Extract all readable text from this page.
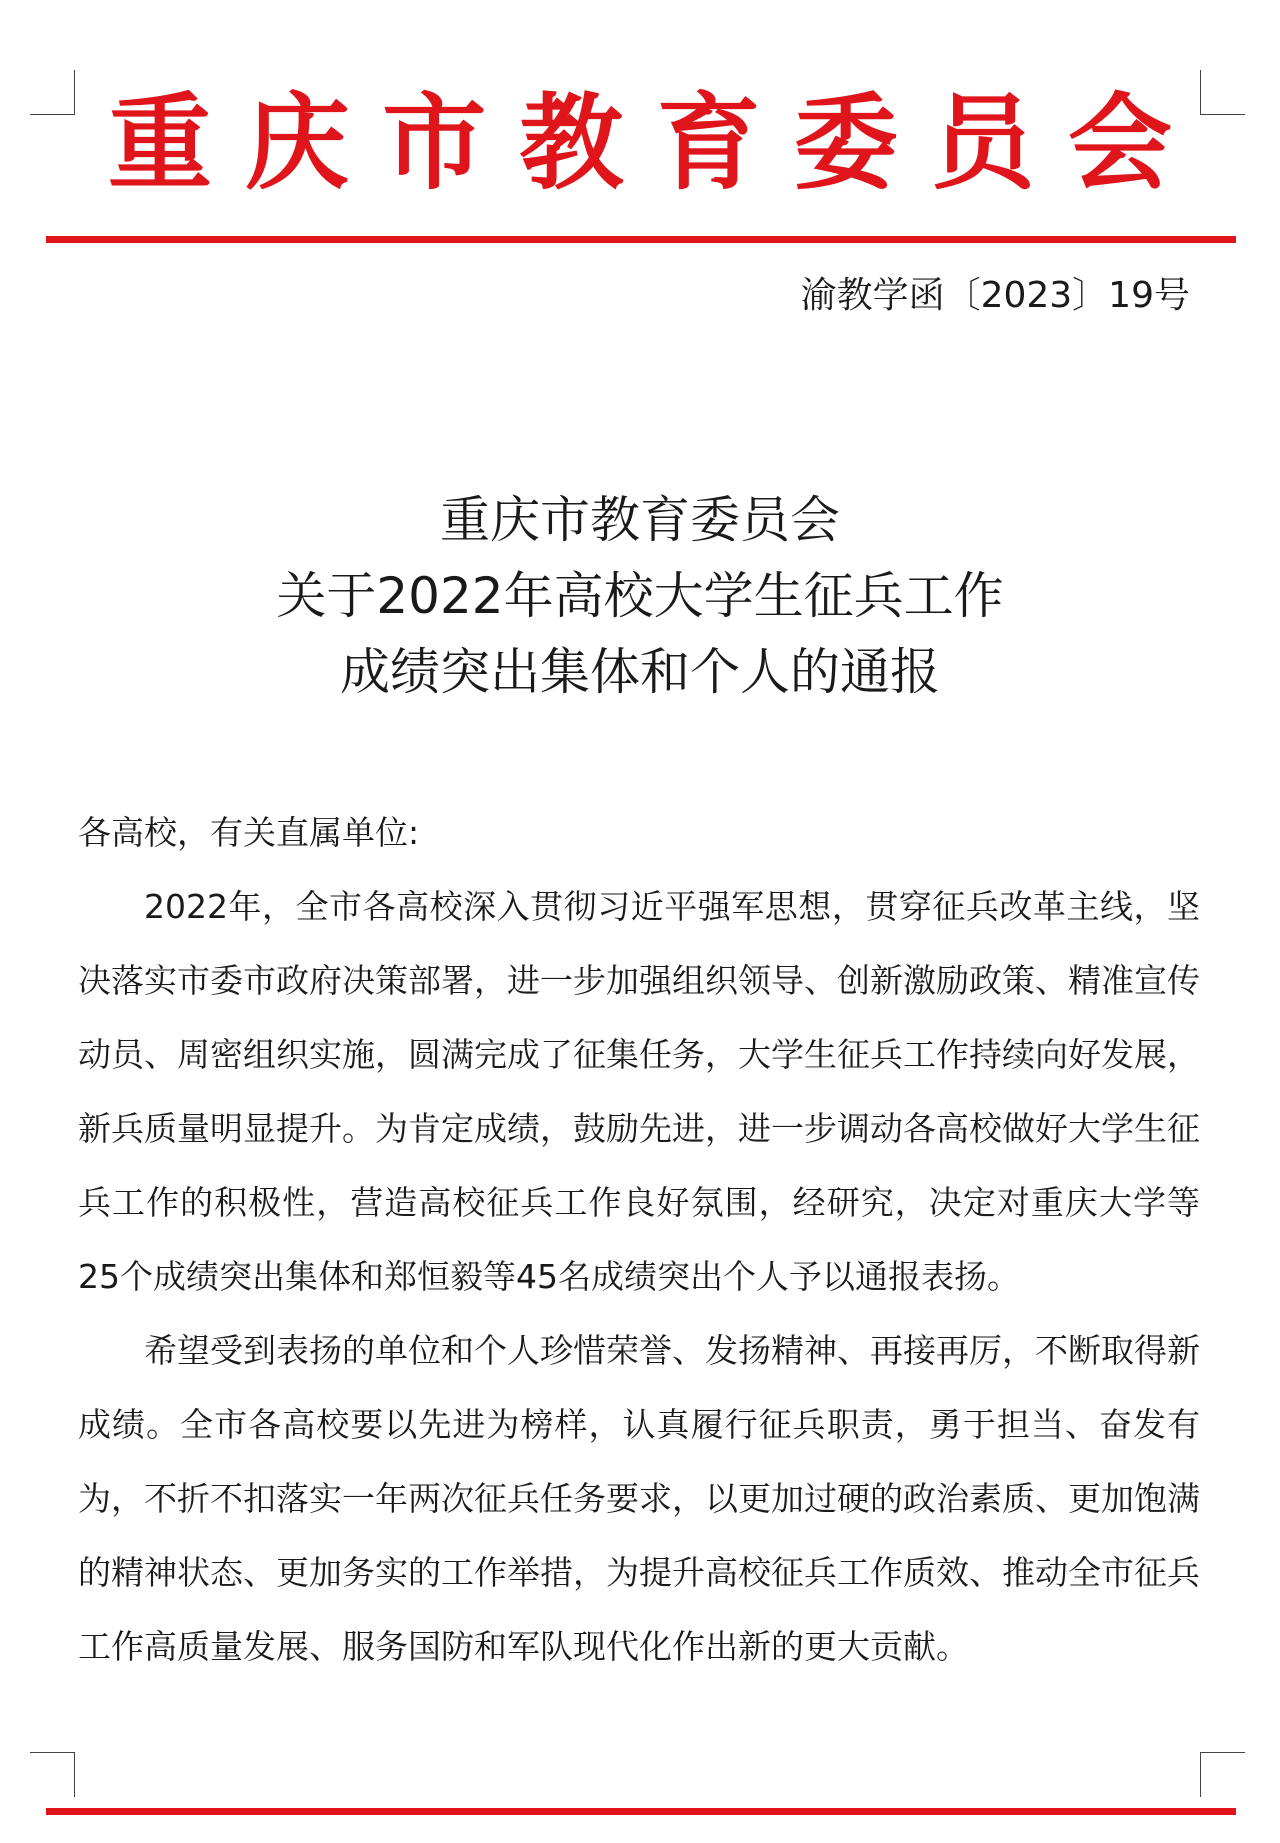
重 庆 市 教 育 委 员 会
渝教学函〔2023〕19号
重庆市教育委员会
关于2022年高校大学生征兵工作
成绩突出集体和个人的通报
各高校，有关直属单位:

2022年，全市各高校深入贯彻习近平强军思想，贯穿征兵改革主线，坚决落实市委市政府决策部署，进一步加强组织领导、创新激励政策、精准宣传动员、周密组织实施，圆满完成了征集任务，大学生征兵工作持续向好发展，新兵质量明显提升。为肯定成绩，鼓励先进，进一步调动各高校做好大学生征兵工作的积极性，营造高校征兵工作良好氛围，经研究，决定对重庆大学等25个成绩突出集体和郑恒毅等45名成绩突出个人予以通报表扬。

希望受到表扬的单位和个人珍惜荣誉、发扬精神、再接再厉，不断取得新成绩。全市各高校要以先进为榜样，认真履行征兵职责，勇于担当、奋发有为，不折不扣落实一年两次征兵任务要求，以更加过硬的政治素质、更加饱满的精神状态、更加务实的工作举措，为提升高校征兵工作质效、推动全市征兵工作高质量发展、服务国防和军队现代化作出新的更大贡献。
